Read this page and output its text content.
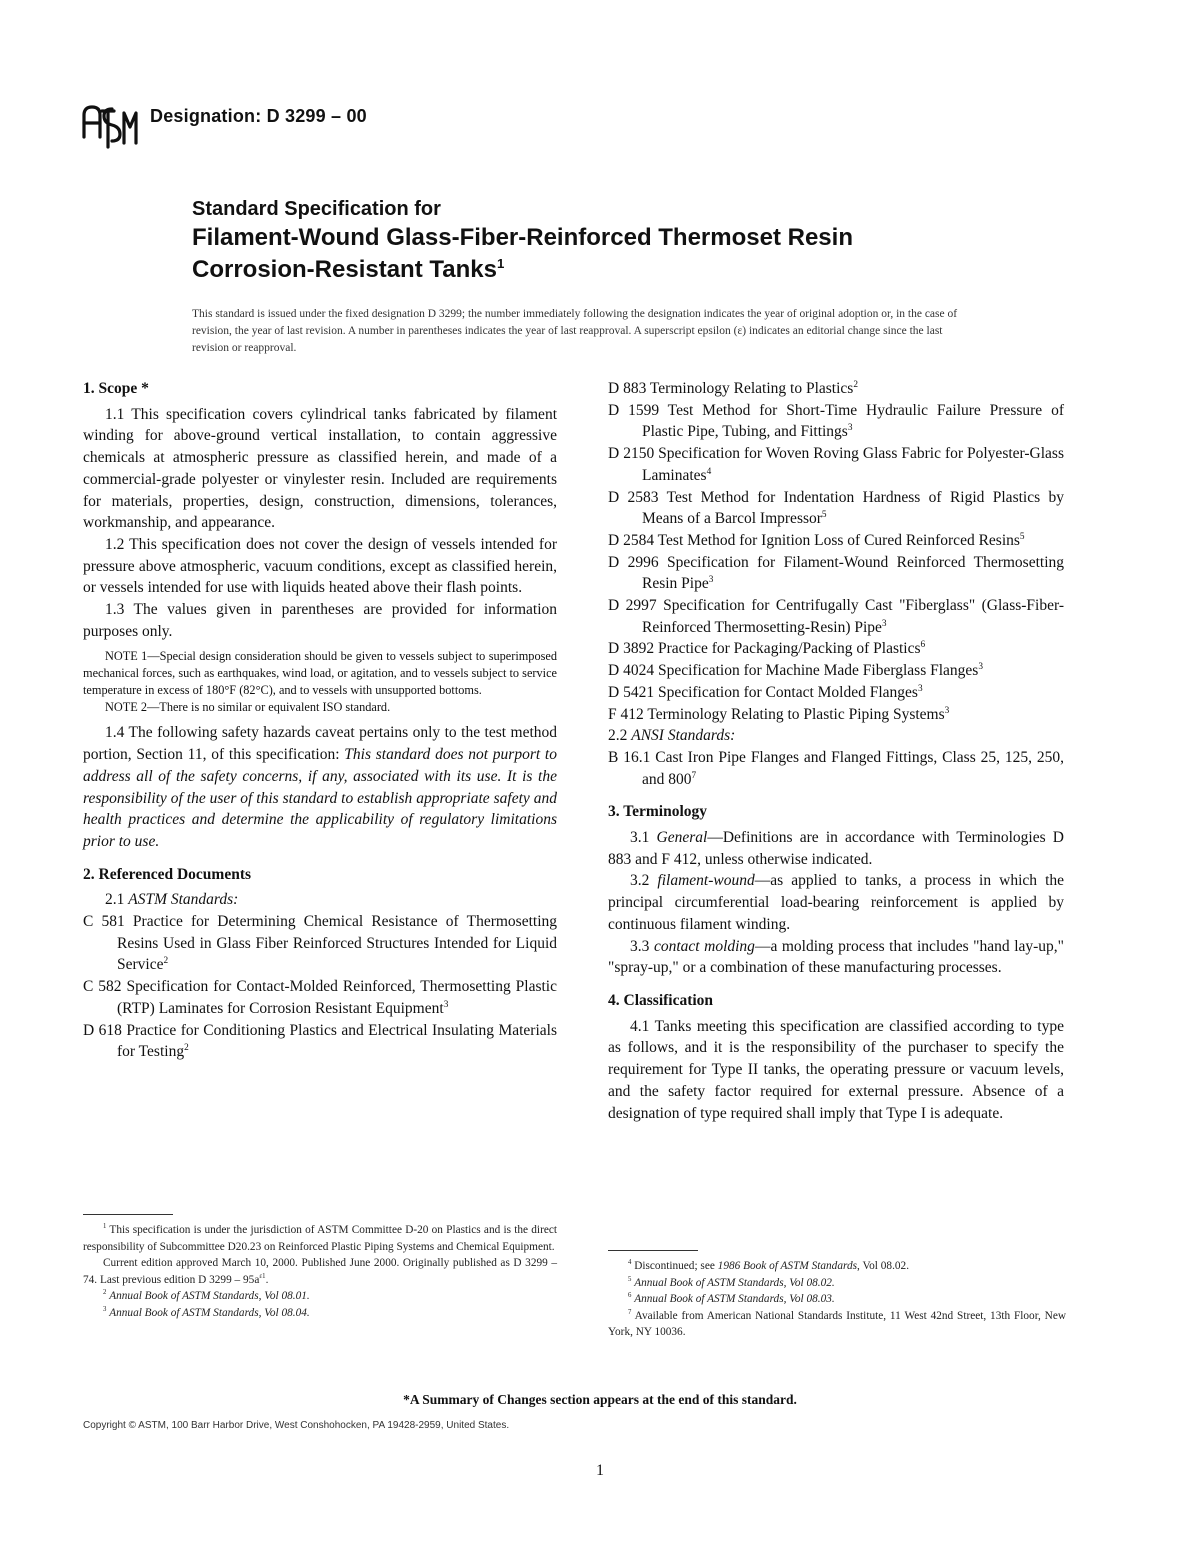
Designation: D 3299 – 00
Standard Specification for
Filament-Wound Glass-Fiber-Reinforced Thermoset Resin
Corrosion-Resistant Tanks$^1$
This standard is issued under the fixed designation D 3299; the number immediately following the designation indicates the year of original adoption or, in the case of revision, the year of last revision. A number in parentheses indicates the year of last reapproval. A superscript epsilon (ε) indicates an editorial change since the last revision or reapproval.
1. Scope *

1.1 This specification covers cylindrical tanks fabricated by filament winding for above-ground vertical installation, to contain aggressive chemicals at atmospheric pressure as classified herein, and made of a commercial-grade polyester or vinylester resin. Included are requirements for materials, properties, design, construction, dimensions, tolerances, workmanship, and appearance.

1.2 This specification does not cover the design of vessels intended for pressure above atmospheric, vacuum conditions, except as classified herein, or vessels intended for use with liquids heated above their flash points.

1.3 The values given in parentheses are provided for information purposes only.

NOTE 1—Special design consideration should be given to vessels subject to superimposed mechanical forces, such as earthquakes, wind load, or agitation, and to vessels subject to service temperature in excess of 180°F (82°C), and to vessels with unsupported bottoms.

NOTE 2—There is no similar or equivalent ISO standard.

1.4 The following safety hazards caveat pertains only to the test method portion, Section 11, of this specification: This standard does not purport to address all of the safety concerns, if any, associated with its use. It is the responsibility of the user of this standard to establish appropriate safety and health practices and determine the applicability of regulatory limitations prior to use.

2. Referenced Documents

2.1 ASTM Standards:

C 581 Practice for Determining Chemical Resistance of Thermosetting Resins Used in Glass Fiber Reinforced Structures Intended for Liquid Service$^2$

C 582 Specification for Contact-Molded Reinforced, Thermosetting Plastic (RTP) Laminates for Corrosion Resistant Equipment$^3$

D 618 Practice for Conditioning Plastics and Electrical Insulating Materials for Testing$^2$

D 883 Terminology Relating to Plastics$^2$

D 1599 Test Method for Short-Time Hydraulic Failure Pressure of Plastic Pipe, Tubing, and Fittings$^3$

D 2150 Specification for Woven Roving Glass Fabric for Polyester-Glass Laminates$^4$

D 2583 Test Method for Indentation Hardness of Rigid Plastics by Means of a Barcol Impressor$^5$

D 2584 Test Method for Ignition Loss of Cured Reinforced Resins$^5$

D 2996 Specification for Filament-Wound Reinforced Thermosetting Resin Pipe$^3$

D 2997 Specification for Centrifugally Cast "Fiberglass" (Glass-Fiber-Reinforced Thermosetting-Resin) Pipe$^3$

D 3892 Practice for Packaging/Packing of Plastics$^6$

D 4024 Specification for Machine Made Fiberglass Flanges$^3$

D 5421 Specification for Contact Molded Flanges$^3$

F 412 Terminology Relating to Plastic Piping Systems$^3$

2.2 ANSI Standards:

B 16.1 Cast Iron Pipe Flanges and Flanged Fittings, Class 25, 125, 250, and $800^7$

3. Terminology

3.1 General—Definitions are in accordance with Terminologies D 883 and F 412, unless otherwise indicated.

3.2 filament-wound—as applied to tanks, a process in which the principal circumferential load-bearing reinforcement is applied by continuous filament winding.

3.3 contact molding—a molding process that includes "hand lay-up," "spray-up," or a combination of these manufacturing processes.

4. Classification

4.1 Tanks meeting this specification are classified according to type as follows, and it is the responsibility of the purchaser to specify the requirement for Type II tanks, the operating pressure or vacuum levels, and the safety factor required for external pressure. Absence of a designation of type required shall imply that Type I is adequate.

$^1$ This specification is under the jurisdiction of ASTM Committee D-20 on Plastics and is the direct responsibility of Subcommittee D20.23 on Reinforced Plastic Piping Systems and Chemical Equipment.

Current edition approved March 10, 2000. Published June 2000. Originally published as D 3299 – 74. Last previous edition D $3299 - 95a^{\varepsilon 1}$.

$^2$ Annual Book of ASTM Standards, Vol 08.01.

$^3$ Annual Book of ASTM Standards, Vol 08.04.

$^4$ Discontinued; see 1986 Book of ASTM Standards, Vol 08.02.

$^5$ Annual Book of ASTM Standards, Vol 08.02.

$^6$ Annual Book of ASTM Standards, Vol 08.03.

$^7$ Available from American National Standards Institute, 11 West 42nd Street, 13th Floor, New York, NY 10036.

*A Summary of Changes section appears at the end of this standard.
Copyright © ASTM, 100 Barr Harbor Drive, West Conshohocken, PA 19428-2959, United States.
1
